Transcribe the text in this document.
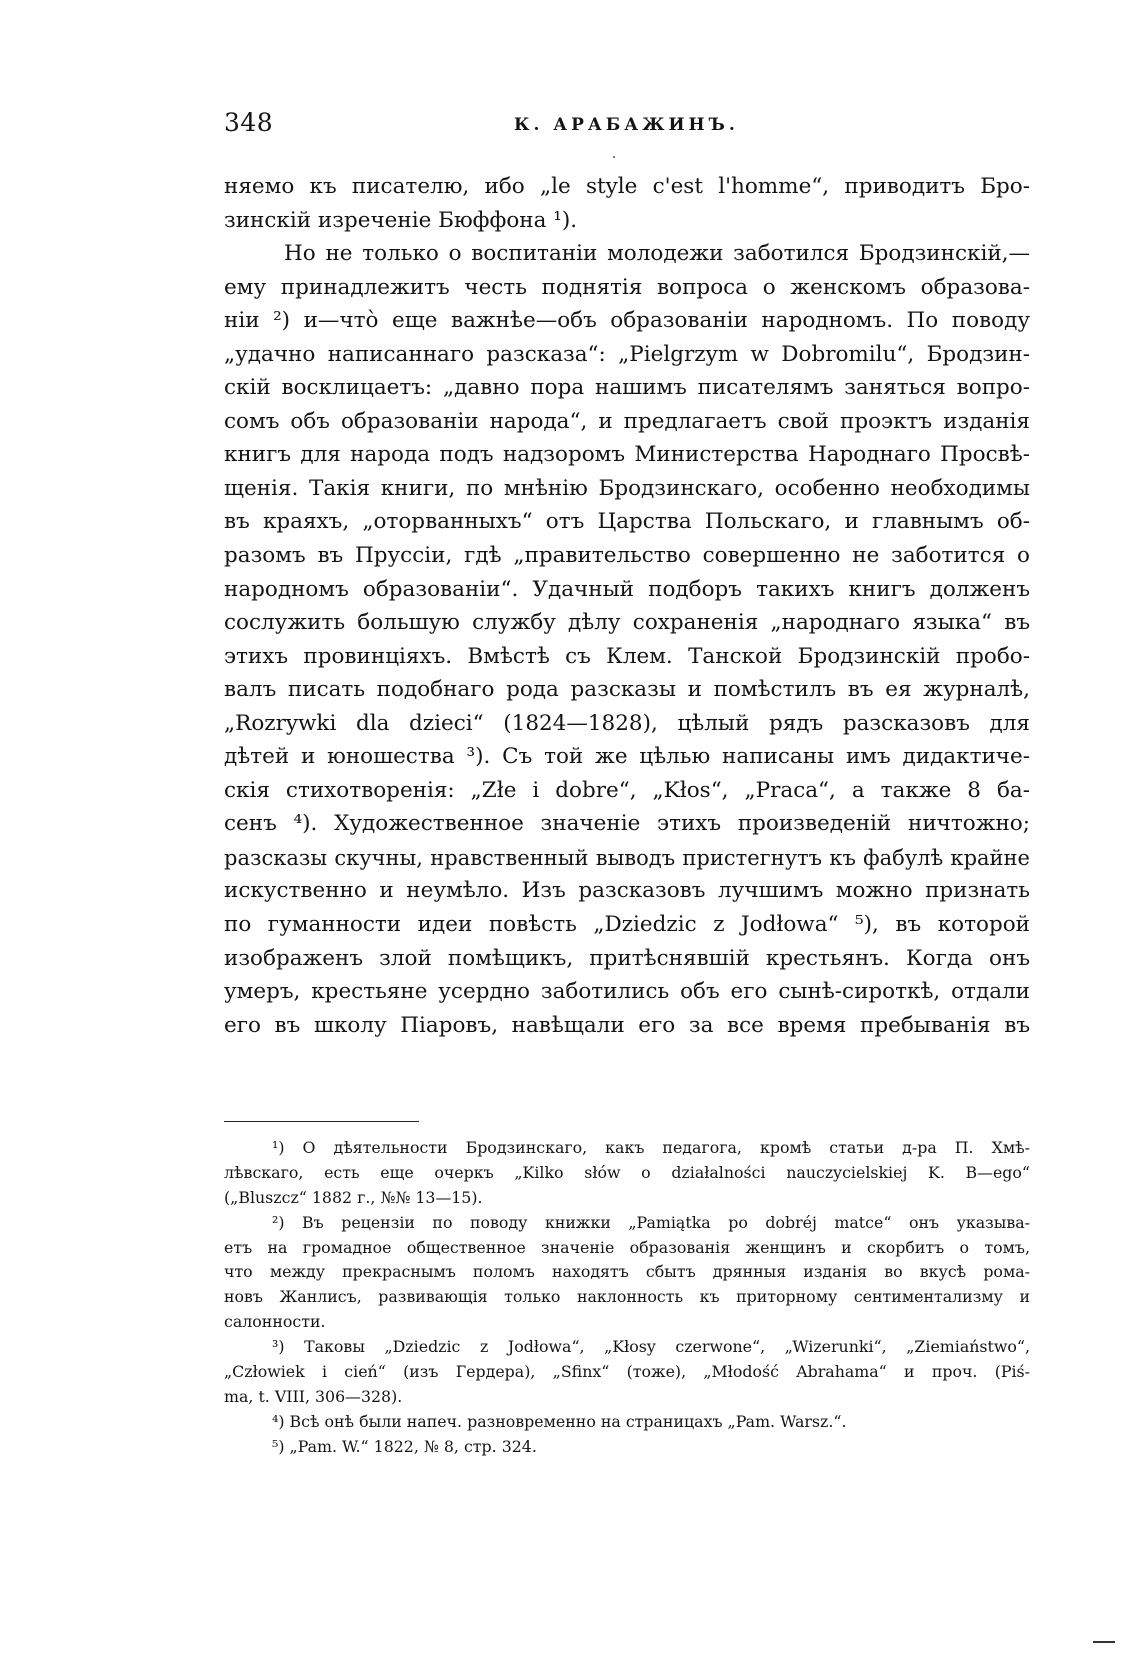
348	К. АРАБАЖИНЪ.
няемо къ писателю, ибо „le style c'est l'homme“, приводитъ Бро-
зинскій изреченіе Бюффона ¹).
Но не только о воспитаніи молодежи заботился Бродзинскій,—
ему принадлежитъ честь поднятія вопроса о женскомъ образова-
ніи ²) и—что̀ еще важнѣе—объ образованіи народномъ. По поводу
„удачно написаннаго разсказа“: „Pielgrzym w Dobromilu“, Бродзин-
скій восклицаетъ: „давно пора нашимъ писателямъ заняться вопро-
сомъ объ образованіи народа“, и предлагаетъ свой проэктъ изданія
книгъ для народа подъ надзоромъ Министерства Народнаго Просвѣ-
щенія. Такія книги, по мнѣнію Бродзинскаго, особенно необходимы
въ краяхъ, „оторванныхъ“ отъ Царства Польскаго, и главнымъ об-
разомъ въ Пруссіи, гдѣ „правительство совершенно не заботится о
народномъ образованіи“. Удачный подборъ такихъ книгъ долженъ
сослужить большую службу дѣлу сохраненія „народнаго языка“ въ
этихъ провинціяхъ. Вмѣстѣ съ Клем. Танской Бродзинскій пробо-
валъ писать подобнаго рода разсказы и помѣстилъ въ ея журналѣ,
„Rozrywki dla dzieci“ (1824—1828), цѣлый рядъ разсказовъ для
дѣтей и юношества ³). Съ той же цѣлью написаны имъ дидактиче-
скія стихотворенія: „Złe i dobre“, „Kłos“, „Praca“, а также 8 ба-
сенъ ⁴). Художественное значеніе этихъ произведеній ничтожно;
разсказы скучны, нравственный выводъ пристегнутъ къ фабулѣ крайне
искуственно и неумѣло. Изъ разсказовъ лучшимъ можно признать
по гуманности идеи повѣсть „Dziedzic z Jodłowa“ ⁵), въ которой
изображенъ злой помѣщикъ, притѣснявшій крестьянъ. Когда онъ
умеръ, крестьяне усердно заботились объ его сынѣ-сироткѣ, отдали
его въ школу Піаровъ, навѣщали его за все время пребыванія въ
¹) О дѣятельности Бродзинскаго, какъ педагога, кромѣ статьи д-ра П. Хмѣ-
лѣвскаго, есть еще очеркъ „Kilko słów o działalności nauczycielskiej K. B—ego“
(„Bluszcz“ 1882 г., №№ 13—15).
²) Въ рецензіи по поводу книжки „Pamiątka po dobréj matce“ онъ указыва-
етъ на громадное общественное значеніе образованія женщинъ и скорбитъ о томъ,
что между прекраснымъ поломъ находятъ сбытъ дрянныя изданія во вкусѣ рома-
новъ Жанлисъ, развивающія только наклонность къ приторному сентиментализму и
салонности.
³) Таковы „Dziedzic z Jodłowa“, „Kłosy czerwone“, „Wizerunki“, „Ziemiaństwo“,
„Człowiek i cień“ (изъ Гердера), „Sfinx“ (тоже), „Młodość Abrahama“ и проч. (Piś-
ma, t. VIII, 306—328).
⁴) Всѣ онѣ были напеч. разновременно на страницахъ „Pam. Warsz.“.
⁵) „Pam. W.“ 1822, № 8, стр. 324.
